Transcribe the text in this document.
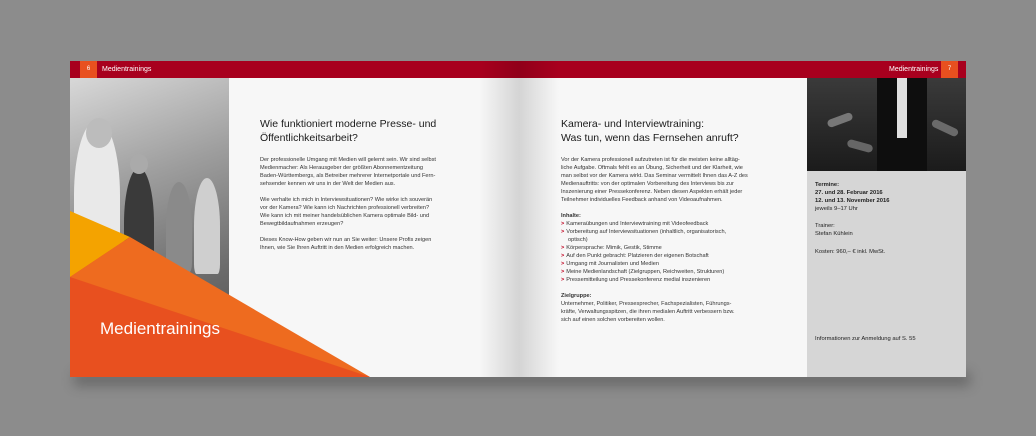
6	Medientrainings
Medientrainings
Wie funktioniert moderne Presse- und
Öffentlichkeitsarbeit?
Der professionelle Umgang mit Medien will gelernt sein. Wir sind selbst
Medienmacher: Als Herausgeber der größten Abonnementzeitung
Baden-Württembergs, als Betreiber mehrerer Internetportale und Fern-
sehsender kennen wir uns in der Welt der Medien aus.
Wie verhalte ich mich in Interviewsituationen? Wie wirke ich souverän
vor der Kamera? Wie kann ich Nachrichten professionell verbreiten?
Wie kann ich mit meiner handelsüblichen Kamera optimale Bild- und
Bewegtbildaufnahmen erzeugen?
Dieses Know-How geben wir nun an Sie weiter: Unsere Profis zeigen
Ihnen, wie Sie Ihren Auftritt in den Medien erfolgreich machen.
Medientrainings	7
Kamera- und Interviewtraining:
Was tun, wenn das Fernsehen anruft?
Vor der Kamera professionell aufzutreten ist für die meisten keine alltäg-
liche Aufgabe. Oftmals fehlt es an Übung, Sicherheit und der Klarheit, wie
man selbst vor der Kamera wirkt. Das Seminar vermittelt Ihnen das A-Z des
Medienauftritts: von der optimalen Vorbereitung des Interviews bis zur
Inszenierung einer Pressekonferenz. Neben diesen Aspekten erhält jeder
Teilnehmer individuelles Feedback anhand von Videoaufnahmen.
Inhalte:
> Kameraübungen und Interviewtraining mit Videofeedback
> Vorbereitung auf Interviewsituationen (inhaltlich, organisatorisch,
optisch)
> Körpersprache: Mimik, Gestik, Stimme
> Auf den Punkt gebracht: Platzieren der eigenen Botschaft
> Umgang mit Journalisten und Medien
> Meine Medienlandschaft (Zielgruppen, Reichweiten, Strukturen)
> Pressemitteilung und Pressekonferenz medial inszenieren
Zielgruppe:
Unternehmer, Politiker, Pressesprecher, Fachspezialisten, Führungs-
kräfte, Verwaltungsspitzen, die ihren medialen Auftritt verbessern bzw.
sich auf einen solchen vorbereiten wollen.
Termine:
27. und 28. Februar 2016
12. und 13. November 2016
jeweils 9–17 Uhr
Trainer:
Stefan Kühlein
Kosten: 960,– € inkl. MwSt.
Informationen zur Anmeldung auf S. 55
